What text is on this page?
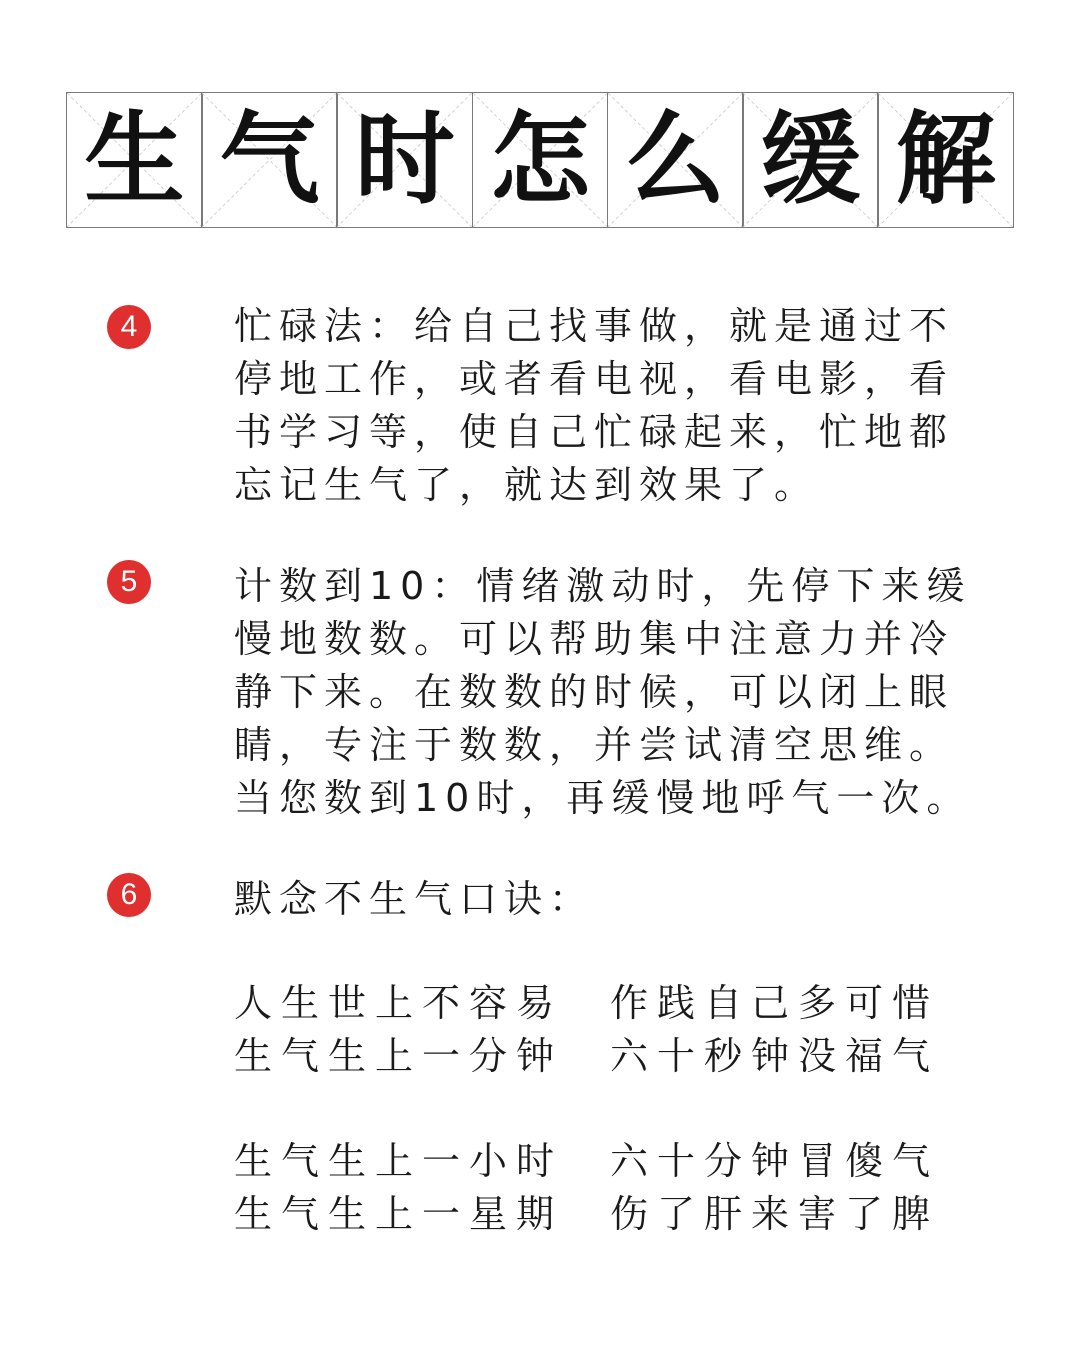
生 气 时 怎 么 缓 解
4	忙碌法：给自己找事做，就是通过不
停地工作，或者看电视，看电影，看
书学习等，使自己忙碌起来，忙地都
忘记生气了，就达到效果了。
5	计数到10：情绪激动时，先停下来缓
慢地数数。可以帮助集中注意力并冷
静下来。在数数的时候，可以闭上眼
睛，专注于数数，并尝试清空思维。
当您数到10时，再缓慢地呼气一次。
6	默念不生气口诀：
人生世上不容易	作践自己多可惜
生气生上一分钟	六十秒钟没福气
生气生上一小时	六十分钟冒傻气
生气生上一星期	伤了肝来害了脾
